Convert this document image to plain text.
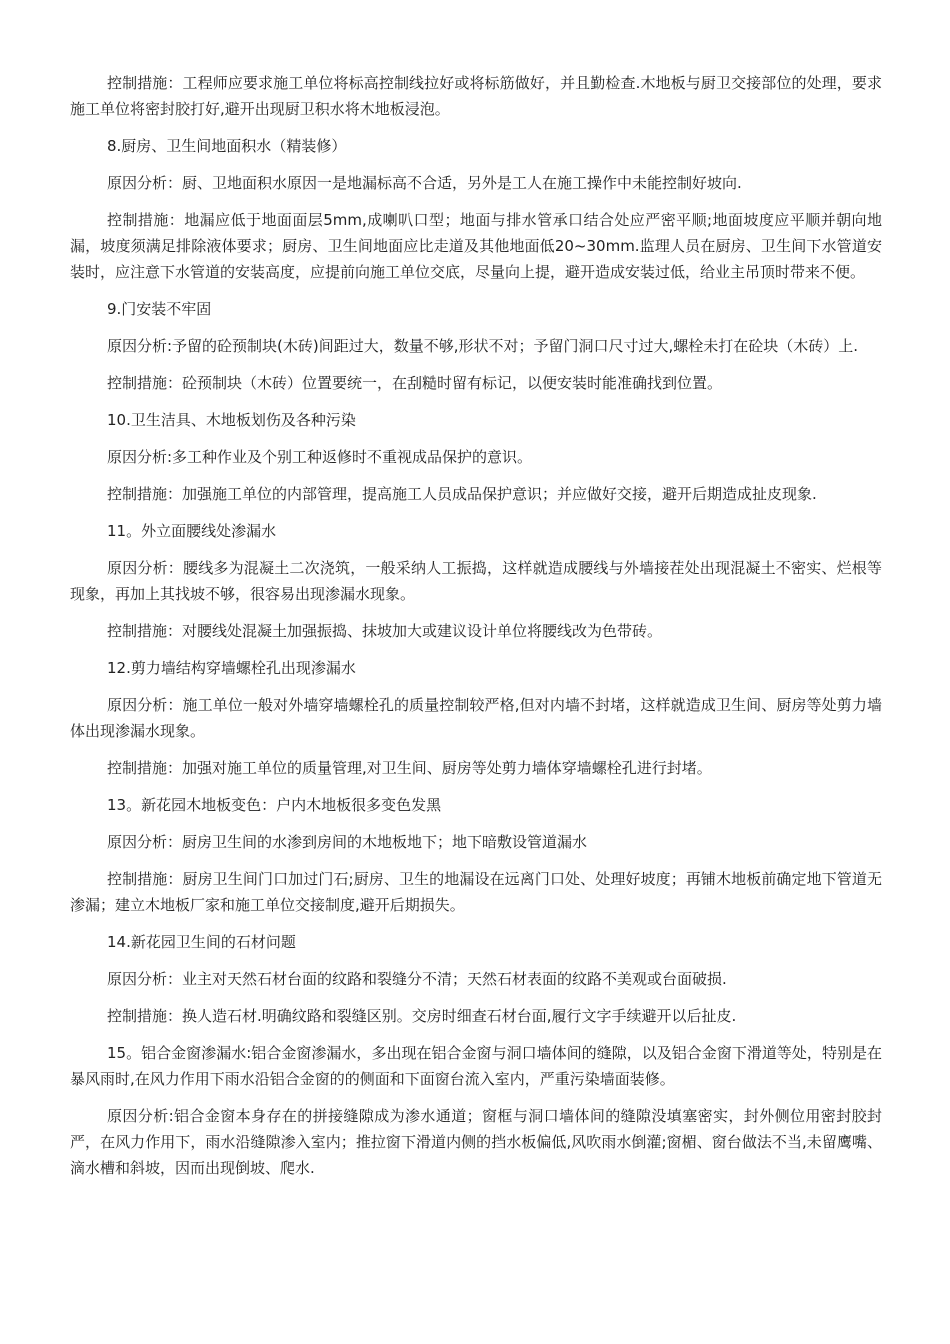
控制措施：工程师应要求施工单位将标高控制线拉好或将标筋做好，并且勤检查.木地板与厨卫交接部位的处理，要求施工单位将密封胶打好,避开出现厨卫积水将木地板浸泡。

8.厨房、卫生间地面积水（精装修）

原因分析：厨、卫地面积水原因一是地漏标高不合适，另外是工人在施工操作中未能控制好坡向.

控制措施：地漏应低于地面面层5mm,成喇叭口型；地面与排水管承口结合处应严密平顺;地面坡度应平顺并朝向地漏，坡度须满足排除液体要求；厨房、卫生间地面应比走道及其他地面低20~30mm.监理人员在厨房、卫生间下水管道安装时，应注意下水管道的安装高度，应提前向施工单位交底，尽量向上提，避开造成安装过低，给业主吊顶时带来不便。

9.门安装不牢固

原因分析:予留的砼预制块(木砖)间距过大，数量不够,形状不对；予留门洞口尺寸过大,螺栓未打在砼块（木砖）上.

控制措施：砼预制块（木砖）位置要统一，在刮糙时留有标记，以便安装时能准确找到位置。

10.卫生洁具、木地板划伤及各种污染

原因分析:多工种作业及个别工种返修时不重视成品保护的意识。

控制措施：加强施工单位的内部管理，提高施工人员成品保护意识；并应做好交接，避开后期造成扯皮现象.

11。外立面腰线处渗漏水

原因分析：腰线多为混凝土二次浇筑，一般采纳人工振捣，这样就造成腰线与外墙接茬处出现混凝土不密实、烂根等现象，再加上其找坡不够，很容易出现渗漏水现象。

控制措施：对腰线处混凝土加强振捣、抹坡加大或建议设计单位将腰线改为色带砖。

12.剪力墙结构穿墙螺栓孔出现渗漏水

原因分析：施工单位一般对外墙穿墙螺栓孔的质量控制较严格,但对内墙不封堵，这样就造成卫生间、厨房等处剪力墙体出现渗漏水现象。

控制措施：加强对施工单位的质量管理,对卫生间、厨房等处剪力墙体穿墙螺栓孔进行封堵。

13。新花园木地板变色：户内木地板很多变色发黑

原因分析：厨房卫生间的水渗到房间的木地板地下；地下暗敷设管道漏水

控制措施：厨房卫生间门口加过门石;厨房、卫生的地漏设在远离门口处、处理好坡度；再铺木地板前确定地下管道无渗漏；建立木地板厂家和施工单位交接制度,避开后期损失。

14.新花园卫生间的石材问题

原因分析：业主对天然石材台面的纹路和裂缝分不清；天然石材表面的纹路不美观或台面破损.

控制措施：换人造石材.明确纹路和裂缝区别。交房时细查石材台面,履行文字手续避开以后扯皮.

15。铝合金窗渗漏水:铝合金窗渗漏水，多出现在铝合金窗与洞口墙体间的缝隙，以及铝合金窗下滑道等处，特别是在暴风雨时,在风力作用下雨水沿铝合金窗的的侧面和下面窗台流入室内，严重污染墙面装修。

原因分析:铝合金窗本身存在的拼接缝隙成为渗水通道；窗框与洞口墙体间的缝隙没填塞密实，封外侧位用密封胶封严，在风力作用下，雨水沿缝隙渗入室内；推拉窗下滑道内侧的挡水板偏低,风吹雨水倒灌;窗楣、窗台做法不当,未留鹰嘴、滴水槽和斜坡，因而出现倒坡、爬水.
